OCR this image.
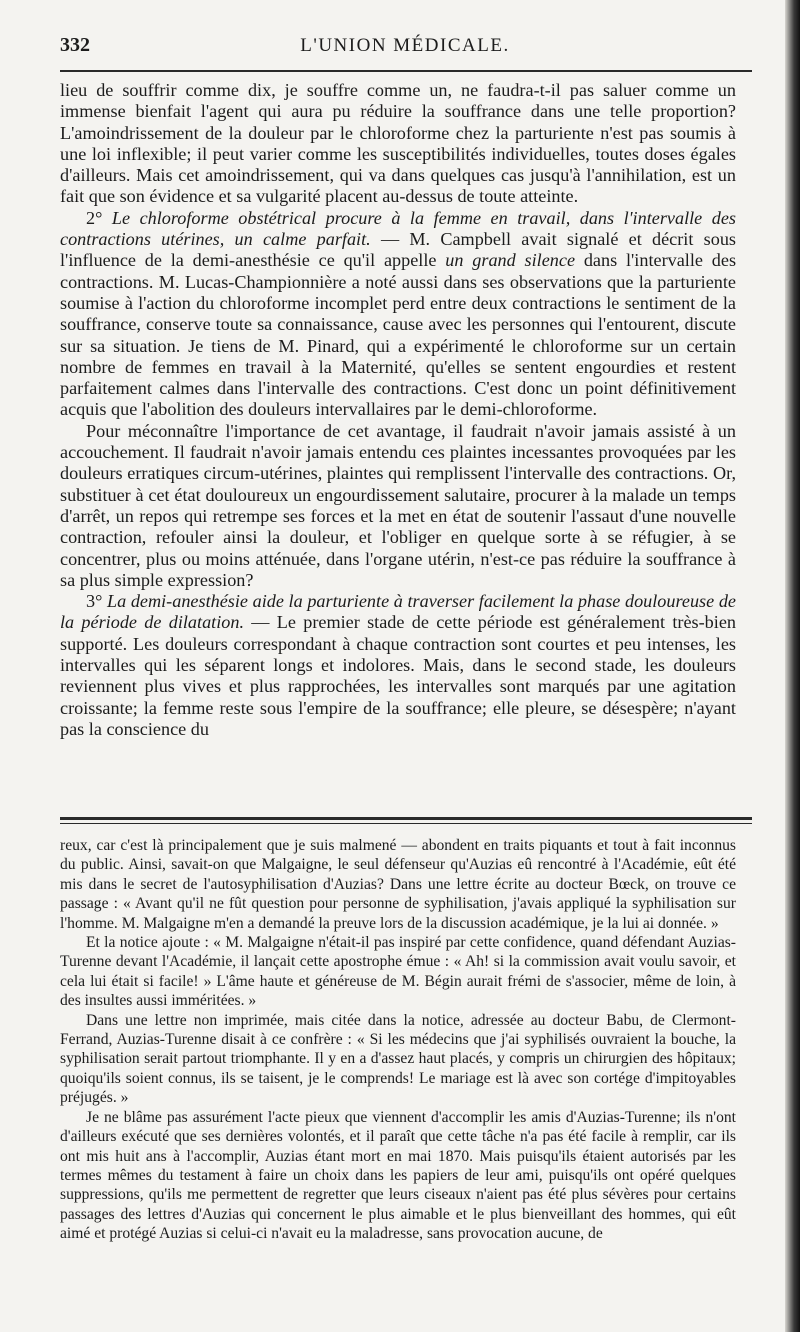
332	L'UNION MÉDICALE.

lieu de souffrir comme dix, je souffre comme un, ne faudra-t-il pas saluer comme un immense bienfait l'agent qui aura pu réduire la souffrance dans une telle proportion? L'amoindrissement de la douleur par le chloroforme chez la parturiente n'est pas soumis à une loi inflexible; il peut varier comme les susceptibilités individuelles, toutes doses égales d'ailleurs. Mais cet amoindrissement, qui va dans quelques cas jusqu'à l'annihilation, est un fait que son évidence et sa vulgarité placent au-dessus de toute atteinte.

2° Le chloroforme obstétrical procure à la femme en travail, dans l'intervalle des contractions utérines, un calme parfait. — M. Campbell avait signalé et décrit sous l'influence de la demi-anesthésie ce qu'il appelle un grand silence dans l'intervalle des contractions. M. Lucas-Championnière a noté aussi dans ses observations que la parturiente soumise à l'action du chloroforme incomplet perd entre deux contractions le sentiment de la souffrance, conserve toute sa connaissance, cause avec les personnes qui l'entourent, discute sur sa situation. Je tiens de M. Pinard, qui a expérimenté le chloroforme sur un certain nombre de femmes en travail à la Maternité, qu'elles se sentent engourdies et restent parfaitement calmes dans l'intervalle des contractions. C'est donc un point définitivement acquis que l'abolition des douleurs intervallaires par le demi-chloroforme.

Pour méconnaître l'importance de cet avantage, il faudrait n'avoir jamais assisté à un accouchement. Il faudrait n'avoir jamais entendu ces plaintes incessantes provoquées par les douleurs erratiques circum-utérines, plaintes qui remplissent l'intervalle des contractions. Or, substituer à cet état douloureux un engourdissement salutaire, procurer à la malade un temps d'arrêt, un repos qui retrempe ses forces et la met en état de soutenir l'assaut d'une nouvelle contraction, refouler ainsi la douleur, et l'obliger en quelque sorte à se réfugier, à se concentrer, plus ou moins atténuée, dans l'organe utérin, n'est-ce pas réduire la souffrance à sa plus simple expression?

3° La demi-anesthésie aide la parturiente à traverser facilement la phase douloureuse de la période de dilatation. — Le premier stade de cette période est généralement très-bien supporté. Les douleurs correspondant à chaque contraction sont courtes et peu intenses, les intervalles qui les séparent longs et indolores. Mais, dans le second stade, les douleurs reviennent plus vives et plus rapprochées, les intervalles sont marqués par une agitation croissante; la femme reste sous l'empire de la souffrance; elle pleure, se désespère; n'ayant pas la conscience du

reux, car c'est là principalement que je suis malmené — abondent en traits piquants et tout à fait inconnus du public. Ainsi, savait-on que Malgaigne, le seul défenseur qu'Auzias eû rencontré à l'Académie, eût été mis dans le secret de l'autosyphilisation d'Auzias? Dans une lettre écrite au docteur Bœck, on trouve ce passage : « Avant qu'il ne fût question pour personne de syphilisation, j'avais appliqué la syphilisation sur l'homme. M. Malgaigne m'en a demandé la preuve lors de la discussion académique, je la lui ai donnée. »

Et la notice ajoute : « M. Malgaigne n'était-il pas inspiré par cette confidence, quand défendant Auzias-Turenne devant l'Académie, il lançait cette apostrophe émue : « Ah! si la commission avait voulu savoir, et cela lui était si facile! » L'âme haute et généreuse de M. Bégin aurait frémi de s'associer, même de loin, à des insultes aussi imméritées. »

Dans une lettre non imprimée, mais citée dans la notice, adressée au docteur Babu, de Clermont-Ferrand, Auzias-Turenne disait à ce confrère : « Si les médecins que j'ai syphilisés ouvraient la bouche, la syphilisation serait partout triomphante. Il y en a d'assez haut placés, y compris un chirurgien des hôpitaux; quoiqu'ils soient connus, ils se taisent, je le comprends! Le mariage est là avec son cortége d'impitoyables préjugés. »

Je ne blâme pas assurément l'acte pieux que viennent d'accomplir les amis d'Auzias-Turenne; ils n'ont d'ailleurs exécuté que ses dernières volontés, et il paraît que cette tâche n'a pas été facile à remplir, car ils ont mis huit ans à l'accomplir, Auzias étant mort en mai 1870. Mais puisqu'ils étaient autorisés par les termes mêmes du testament à faire un choix dans les papiers de leur ami, puisqu'ils ont opéré quelques suppressions, qu'ils me permettent de regretter que leurs ciseaux n'aient pas été plus sévères pour certains passages des lettres d'Auzias qui concernent le plus aimable et le plus bienveillant des hommes, qui eût aimé et protégé Auzias si celui-ci n'avait eu la maladresse, sans provocation aucune, de
